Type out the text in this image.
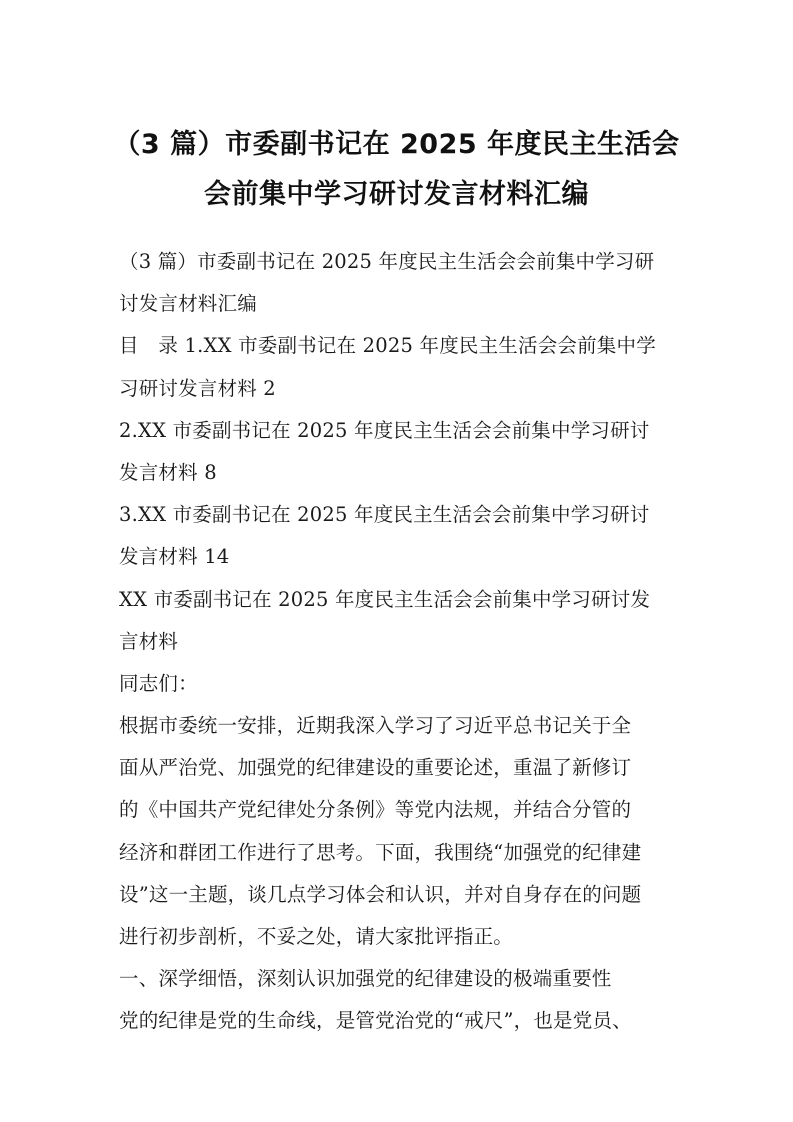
（3 篇）市委副书记在 2025 年度民主生活会
会前集中学习研讨发言材料汇编
（3 篇）市委副书记在 2025 年度民主生活会会前集中学习研
讨发言材料汇编
目　录 1.XX 市委副书记在 2025 年度民主生活会会前集中学
习研讨发言材料 2
2.XX 市委副书记在 2025 年度民主生活会会前集中学习研讨
发言材料 8
3.XX 市委副书记在 2025 年度民主生活会会前集中学习研讨
发言材料 14
XX 市委副书记在 2025 年度民主生活会会前集中学习研讨发
言材料
同志们：
根据市委统一安排，近期我深入学习了习近平总书记关于全
面从严治党、加强党的纪律建设的重要论述，重温了新修订
的《中国共产党纪律处分条例》等党内法规，并结合分管的
经济和群团工作进行了思考。下面，我围绕“加强党的纪律建
设”这一主题，谈几点学习体会和认识，并对自身存在的问题
进行初步剖析，不妥之处，请大家批评指正。
一、深学细悟，深刻认识加强党的纪律建设的极端重要性
党的纪律是党的生命线，是管党治党的“戒尺”，也是党员、
